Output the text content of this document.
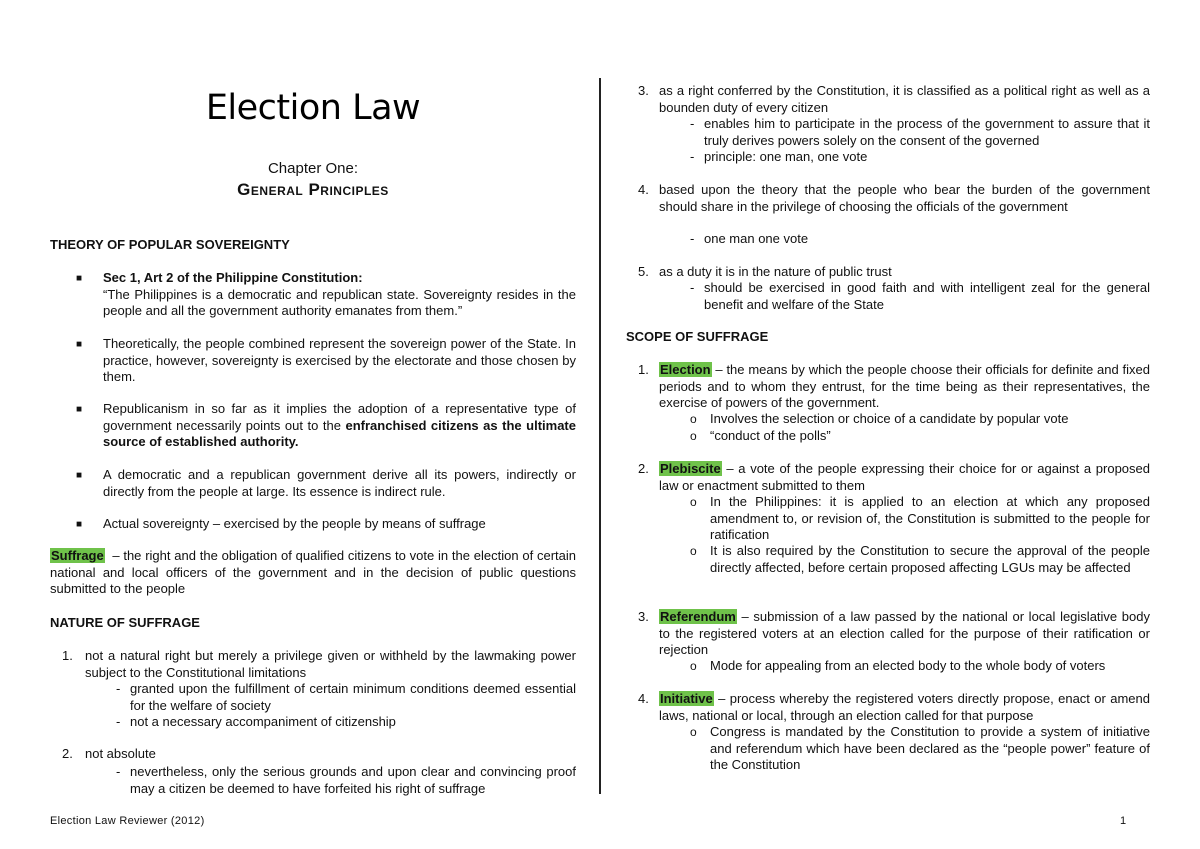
Election Law
Chapter One:
General Principles
THEORY OF POPULAR SOVEREIGNTY
■ Sec 1, Art 2 of the Philippine Constitution:
“The Philippines is a democratic and republican state. Sovereignty resides in the people and all the government authority emanates from them.”
■ Theoretically, the people combined represent the sovereign power of the State. In practice, however, sovereignty is exercised by the electorate and those chosen by them.
■ Republicanism in so far as it implies the adoption of a representative type of government necessarily points out to the enfranchised citizens as the ultimate source of established authority.
■ A democratic and a republican government derive all its powers, indirectly or directly from the people at large. Its essence is indirect rule.
■ Actual sovereignty – exercised by the people by means of suffrage
Suffrage  – the right and the obligation of qualified citizens to vote in the election of certain national and local officers of the government and in the decision of public questions submitted to the people
NATURE OF SUFFRAGE
1. not a natural right but merely a privilege given or withheld by the lawmaking power subject to the Constitutional limitations
- granted upon the fulfillment of certain minimum conditions deemed essential for the welfare of society
- not a necessary accompaniment of citizenship
2. not absolute
- nevertheless, only the serious grounds and upon clear and convincing proof may a citizen be deemed to have forfeited his right of suffrage
3. as a right conferred by the Constitution, it is classified as a political right as well as a bounden duty of every citizen
- enables him to participate in the process of the government to assure that it truly derives powers solely on the consent of the governed
- principle: one man, one vote
4. based upon the theory that the people who bear the burden of the government should share in the privilege of choosing the officials of the government
- one man one vote
5. as a duty it is in the nature of public trust
- should be exercised in good faith and with intelligent zeal for the general benefit and welfare of the State
SCOPE OF SUFFRAGE
1. Election – the means by which the people choose their officials for definite and fixed periods and to whom they entrust, for the time being as their representatives, the exercise of powers of the government.
o Involves the selection or choice of a candidate by popular vote
o “conduct of the polls”
2. Plebiscite – a vote of the people expressing their choice for or against a proposed law or enactment submitted to them
o In the Philippines: it is applied to an election at which any proposed amendment to, or revision of, the Constitution is submitted to the people for ratification
o It is also required by the Constitution to secure the approval of the people directly affected, before certain proposed affecting LGUs may be affected
3. Referendum – submission of a law passed by the national or local legislative body to the registered voters at an election called for the purpose of their ratification or rejection
o Mode for appealing from an elected body to the whole body of voters
4. Initiative – process whereby the registered voters directly propose, enact or amend laws, national or local, through an election called for that purpose
o Congress is mandated by the Constitution to provide a system of initiative and referendum which have been declared as the “people power” feature of the Constitution
Election Law Reviewer (2012)	1
